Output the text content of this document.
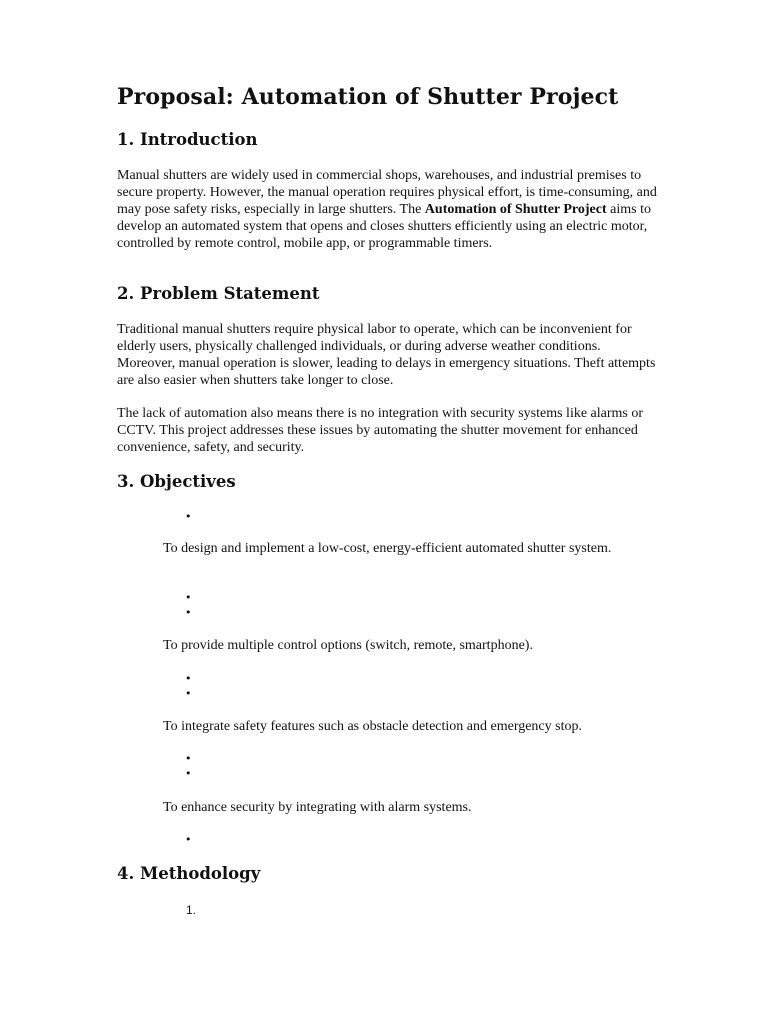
Proposal: Automation of Shutter Project
1. Introduction

Manual shutters are widely used in commercial shops, warehouses, and industrial premises to secure property. However, the manual operation requires physical effort, is time-consuming, and may pose safety risks, especially in large shutters. The Automation of Shutter Project aims to develop an automated system that opens and closes shutters efficiently using an electric motor, controlled by remote control, mobile app, or programmable timers.

2. Problem Statement

Traditional manual shutters require physical labor to operate, which can be inconvenient for elderly users, physically challenged individuals, or during adverse weather conditions. Moreover, manual operation is slower, leading to delays in emergency situations. Theft attempts are also easier when shutters take longer to close.

The lack of automation also means there is no integration with security systems like alarms or CCTV. This project addresses these issues by automating the shutter movement for enhanced convenience, safety, and security.

3. Objectives
•

To design and implement a low-cost, energy-efficient automated shutter system.

•
•

To provide multiple control options (switch, remote, smartphone).

•
•

To integrate safety features such as obstacle detection and emergency stop.

•
•

To enhance security by integrating with alarm systems.

•
4. Methodology
1.
